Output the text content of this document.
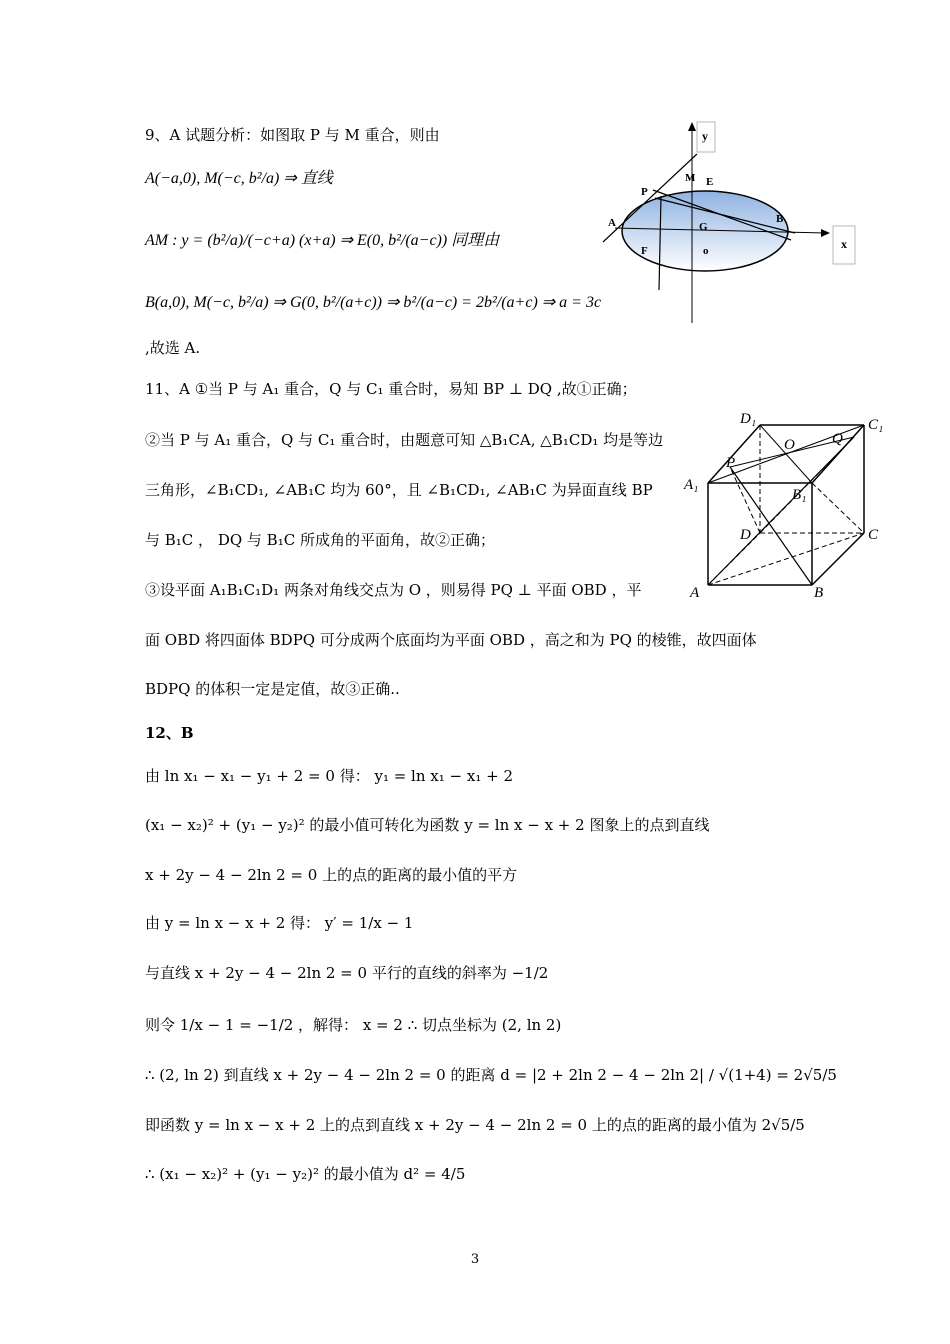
9、A 试题分析：如图取 P 与 M 重合，则由
A(−a,0), M(−c, b²/a) ⇒ 直线
AM : y = (b²/a)/(−c+a) (x+a) ⇒ E(0, b²/(a−c)) 同理由
B(a,0), M(−c, b²/a) ⇒ G(0, b²/(a+c)) ⇒ b²/(a−c) = 2b²/(a+c) ⇒ a = 3c
,故选 A.
y
x
M
P
E
A	B
G
F	o
11、A ①当 P 与 A₁ 重合，Q 与 C₁ 重合时，易知 BP ⊥ DQ ,故①正确；
②当 P 与 A₁ 重合，Q 与 C₁ 重合时，由题意可知 △B₁CA, △B₁CD₁ 均是等边
三角形，∠B₁CD₁, ∠AB₁C 均为 60°，且 ∠B₁CD₁, ∠AB₁C 为异面直线 BP
与 B₁C ， DQ 与 B₁C 所成角的平面角，故②正确；
③设平面 A₁B₁C₁D₁ 两条对角线交点为 O ，则易得 PQ ⊥ 平面 OBD ，平
面 OBD 将四面体 BDPQ 可分成两个底面均为平面 OBD ，高之和为 PQ 的棱锥，故四面体
BDPQ 的体积一定是定值，故③正确..
D₁	C₁
O Q
P
A₁
B₁
D	C
A	B
12、B
由 ln x₁ − x₁ − y₁ + 2 = 0 得： y₁ = ln x₁ − x₁ + 2
(x₁ − x₂)² + (y₁ − y₂)² 的最小值可转化为函数 y = ln x − x + 2 图象上的点到直线
x + 2y − 4 − 2ln 2 = 0 上的点的距离的最小值的平方
由 y = ln x − x + 2 得： y′ = 1/x − 1
与直线 x + 2y − 4 − 2ln 2 = 0 平行的直线的斜率为 −1/2
则令 1/x − 1 = −1/2 ，解得： x = 2 ∴ 切点坐标为 (2, ln 2)
∴ (2, ln 2) 到直线 x + 2y − 4 − 2ln 2 = 0 的距离 d = |2 + 2ln 2 − 4 − 2ln 2| / √(1+4) = 2√5/5
即函数 y = ln x − x + 2 上的点到直线 x + 2y − 4 − 2ln 2 = 0 上的点的距离的最小值为 2√5/5
∴ (x₁ − x₂)² + (y₁ − y₂)² 的最小值为 d² = 4/5
3
